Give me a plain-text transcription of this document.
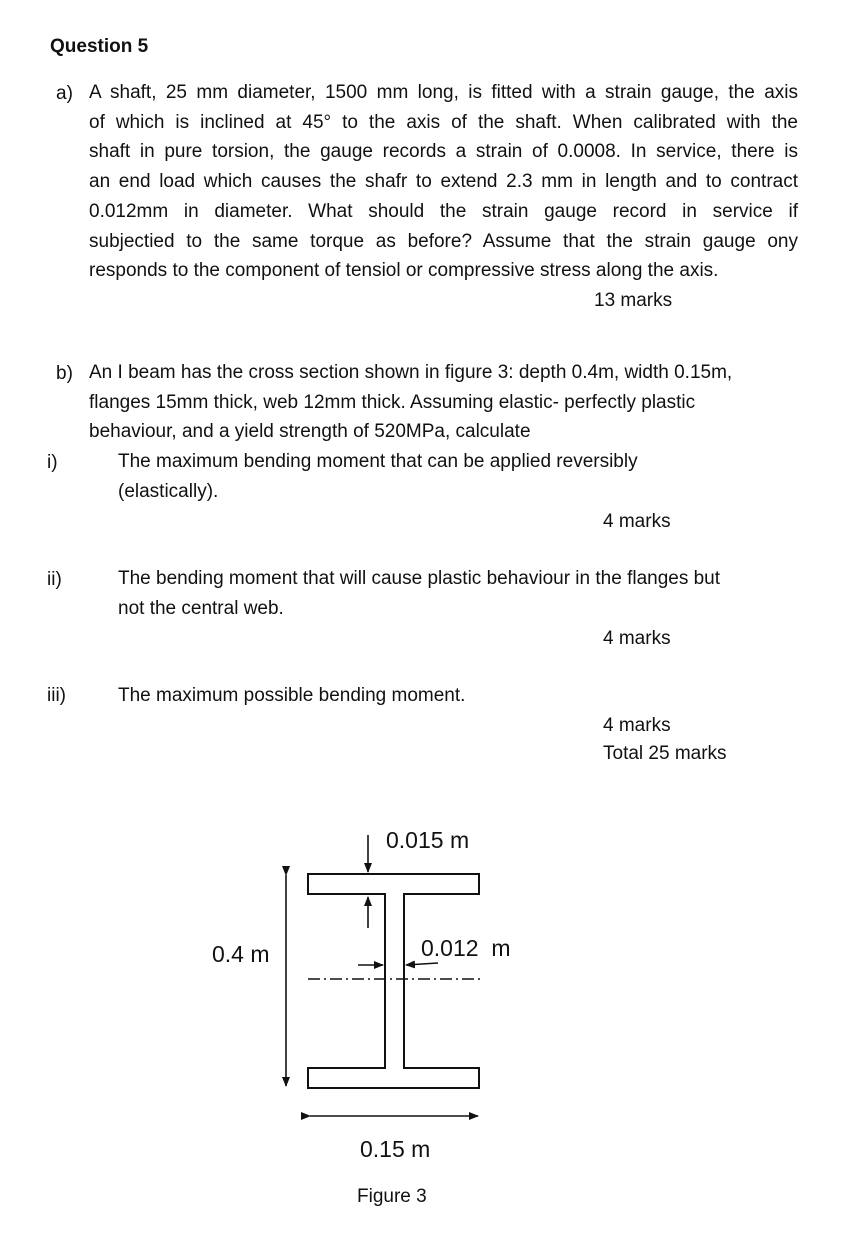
Question 5
a) A shaft, 25 mm diameter, 1500 mm long, is fitted with a strain gauge, the axis
of which is inclined at 45° to the axis of the shaft. When calibrated with the
shaft in pure torsion, the gauge records a strain of 0.0008. In service, there is
an end load which causes the shafr to extend 2.3 mm in length and to contract
0.012mm in diameter. What should the strain gauge record in service if
subjectied to the same torque as before? Assume that the strain gauge ony
responds to the component of tensiol or compressive stress along the axis.
13 marks
b) An I beam has the cross section shown in figure 3: depth 0.4m, width 0.15m,
flanges 15mm thick, web 12mm thick. Assuming elastic- perfectly plastic
behaviour, and a yield strength of 520MPa, calculate
i)	The maximum bending moment that can be applied reversibly
(elastically).
4 marks
ii)	The bending moment that will cause plastic behaviour in the flanges but
not the central web.
4 marks
iii)	The maximum possible bending moment.
4 marks
Total 25 marks
0.015 m
0.012  m
0.4 m
0.15 m
Figure 3
